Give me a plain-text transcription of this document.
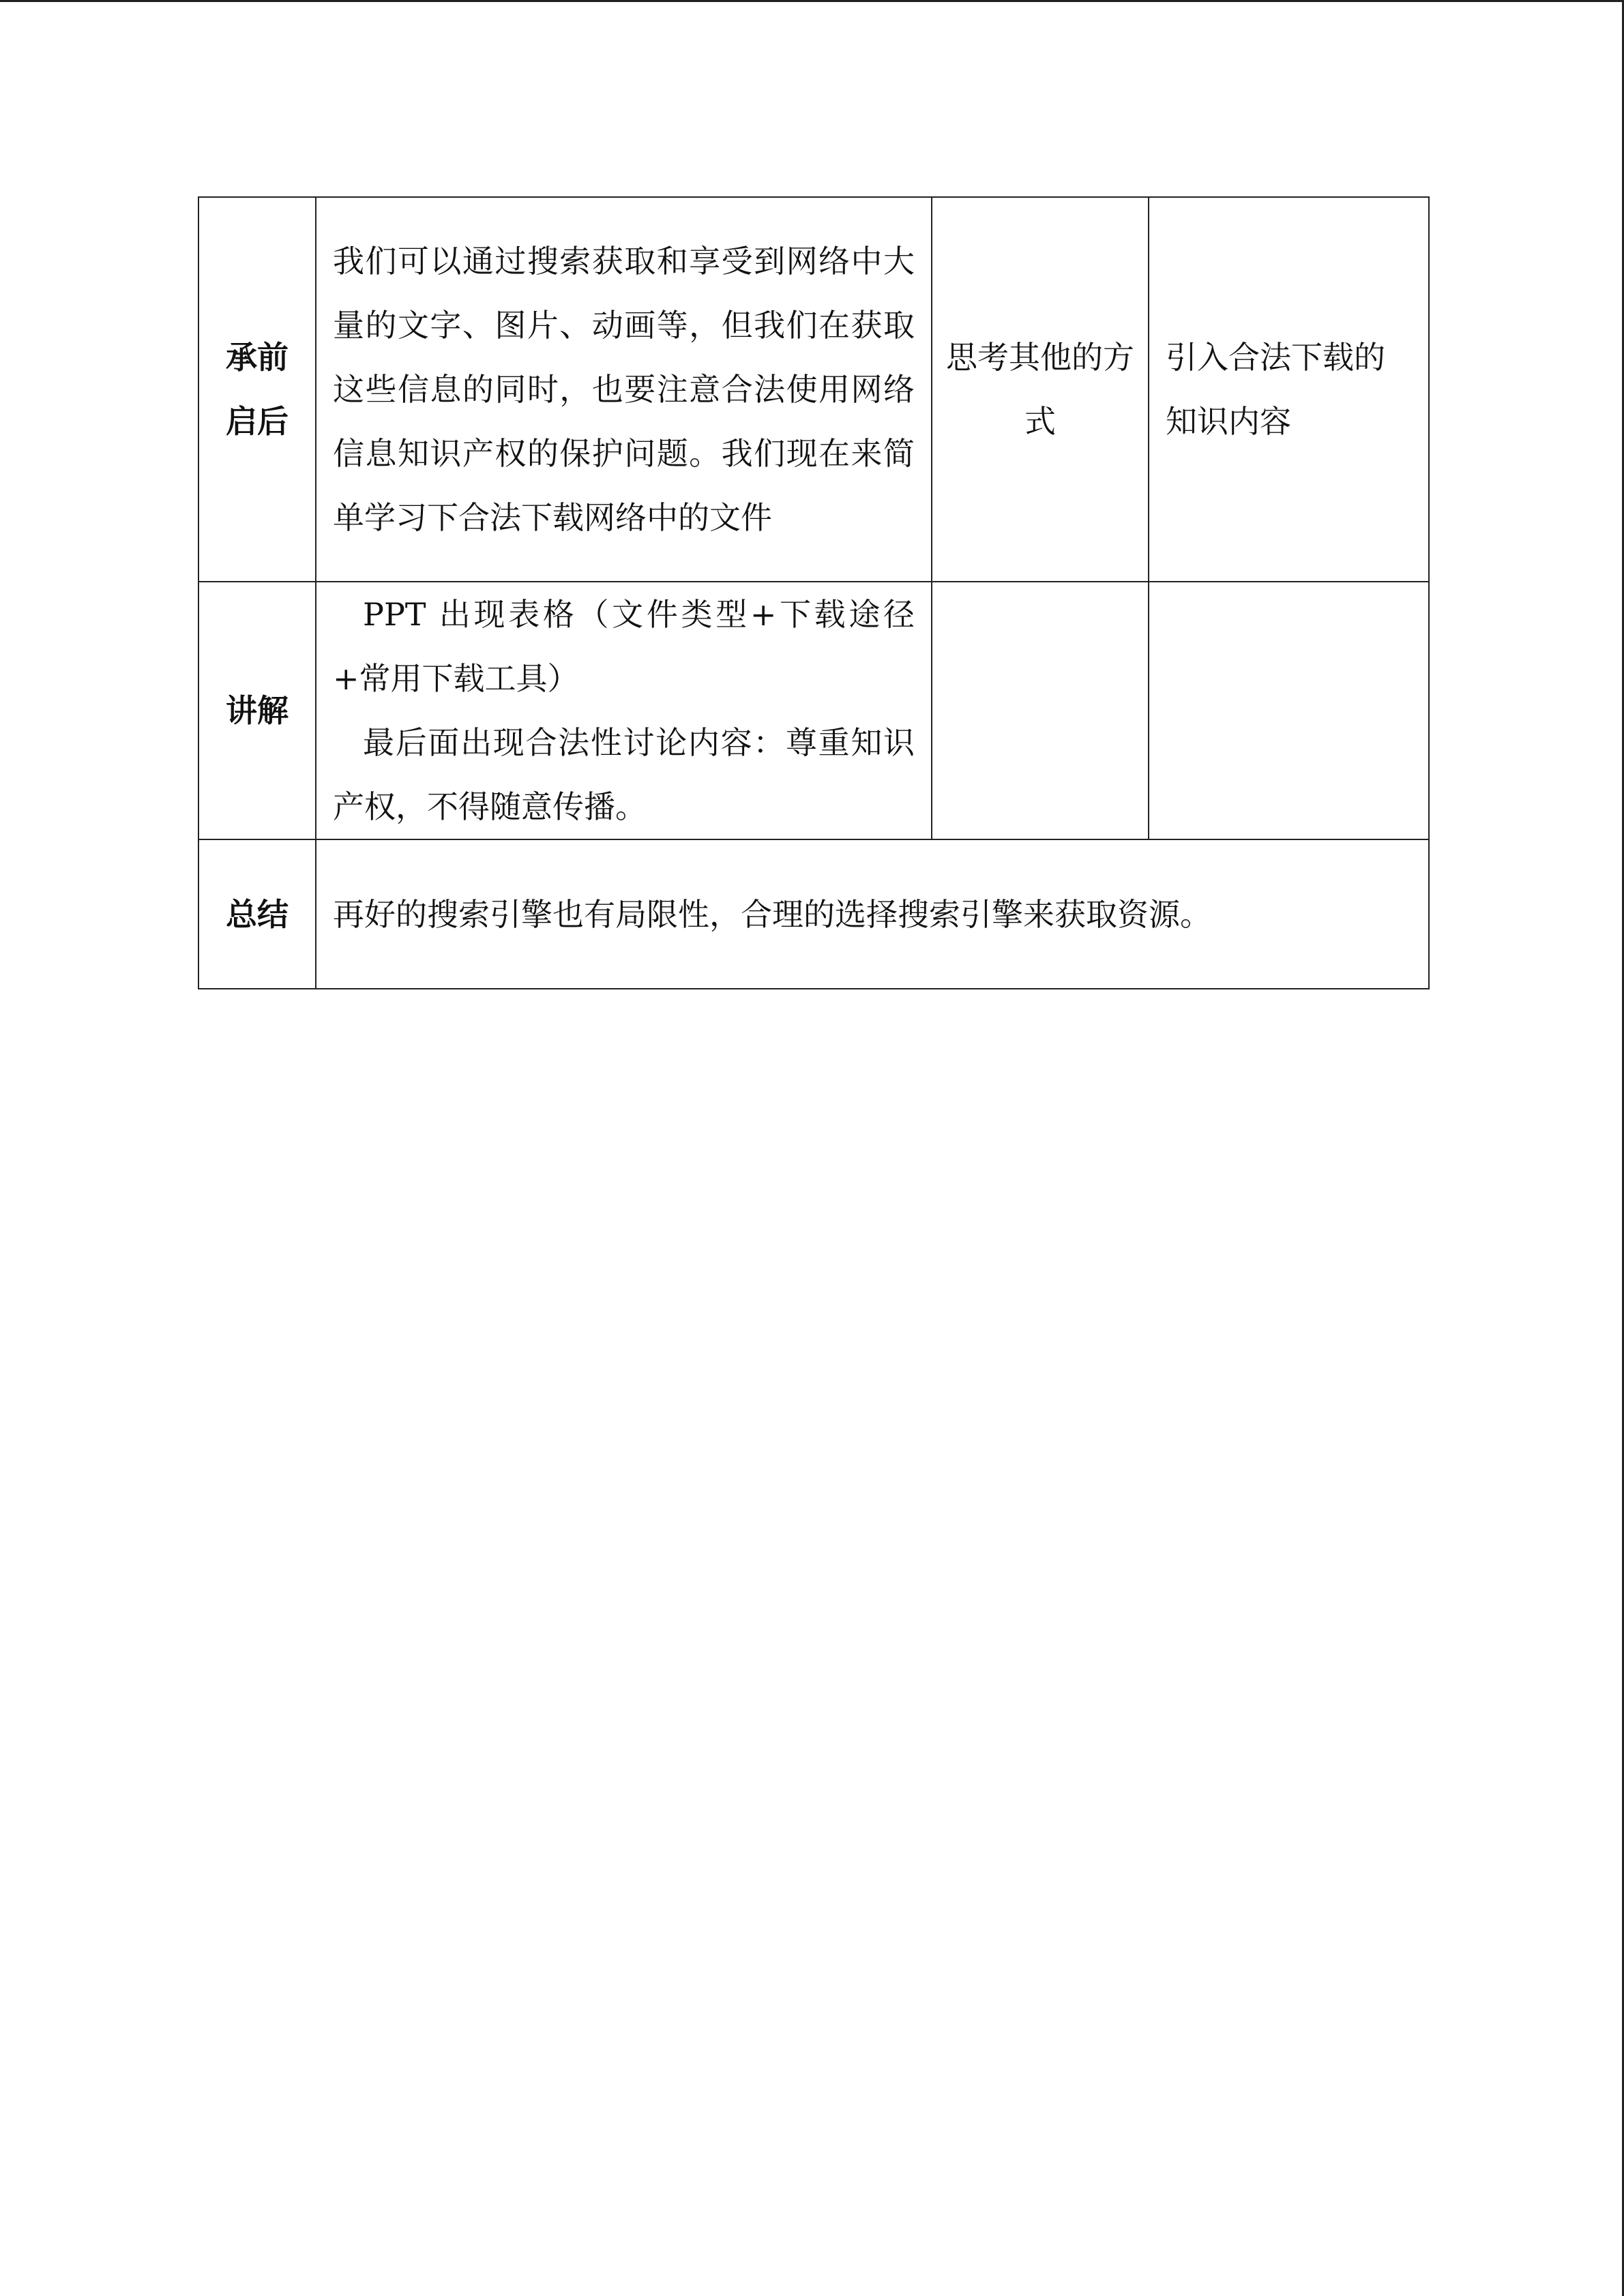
承前
启后	我们可以通过搜索获取和享受到网络中大量的文字、图片、动画等，但我们在获取这些信息的同时，也要注意合法使用网络信息知识产权的保护问题。我们现在来简单学习下合法下载网络中的文件	思考其他的方式	引入合法下载的知识内容
讲解	PPT 出现表格（文件类型+下载途径+常用下载工具）
最后面出现合法性讨论内容：尊重知识产权，不得随意传播。		

总结	再好的搜索引擎也有局限性，合理的选择搜索引擎来获取资源。		
